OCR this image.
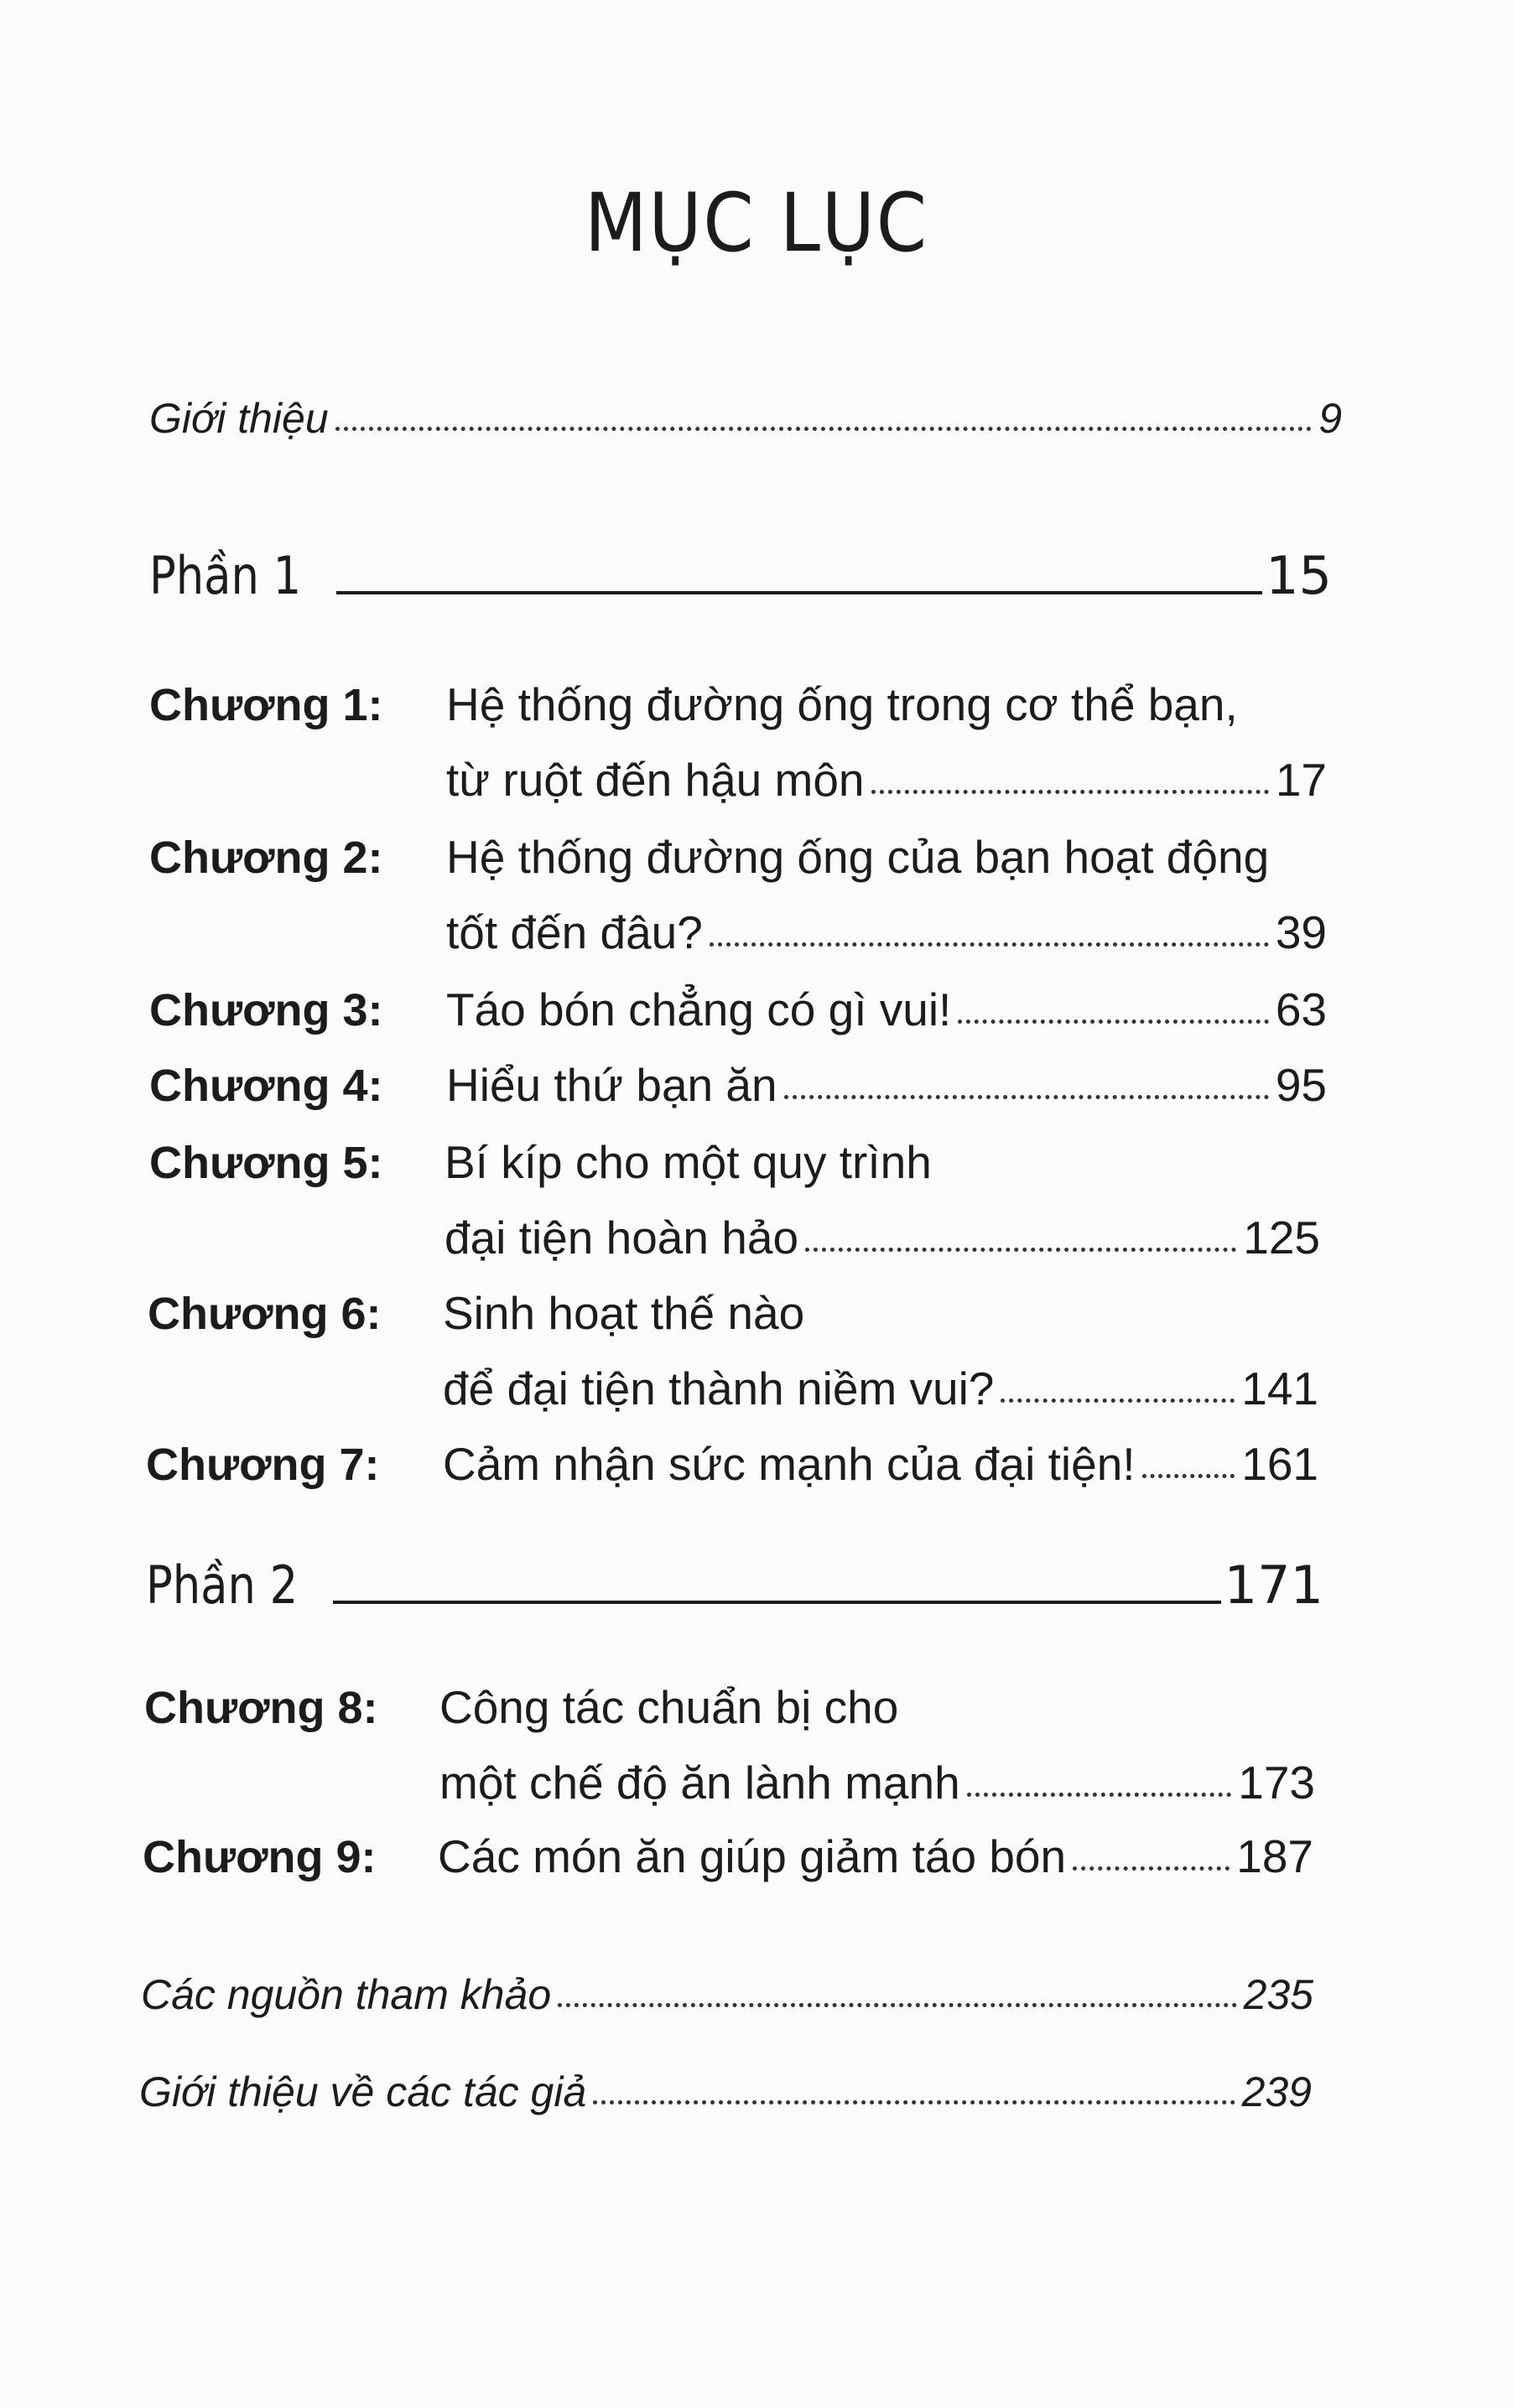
MỤC LỤC
Giới thiệu	9
Phần 1	15
Chương 1: Hệ thống đường ống trong cơ thể bạn,
từ ruột đến hậu môn	17
Chương 2: Hệ thống đường ống của bạn hoạt động
tốt đến đâu?	39
Chương 3: Táo bón chẳng có gì vui!	63
Chương 4: Hiểu thứ bạn ăn	95
Chương 5: Bí kíp cho một quy trình
đại tiện hoàn hảo	125
Chương 6: Sinh hoạt thế nào
để đại tiện thành niềm vui?	141
Chương 7: Cảm nhận sức mạnh của đại tiện! 161
Phần 2	171
Chương 8: Công tác chuẩn bị cho
một chế độ ăn lành mạnh	173
Chương 9: Các món ăn giúp giảm táo bón	187
Các nguồn tham khảo	235
Giới thiệu về các tác giả	239
